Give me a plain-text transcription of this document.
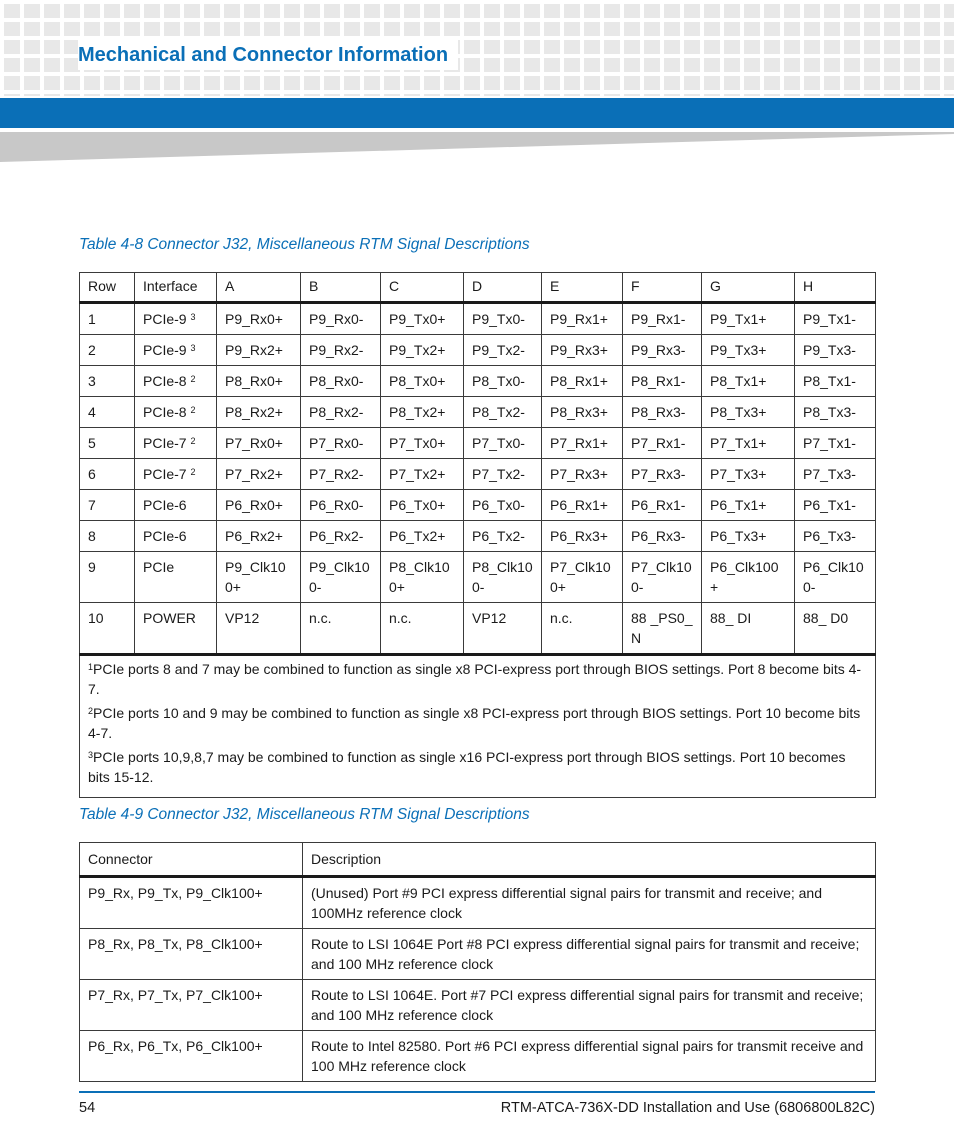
Mechanical and Connector Information
Table 4-8 Connector J32, Miscellaneous RTM Signal Descriptions
Row	Interface	A	B	C	D	E	F	G	H
1	PCIe-9 $^3$	P9_Rx0+	P9_Rx0-	P9_Tx0+	P9_Tx0-	P9_Rx1+	P9_Rx1-	P9_Tx1+	P9_Tx1-
2	PCIe-9 $^3$	P9_Rx2+	P9_Rx2-	P9_Tx2+	P9_Tx2-	P9_Rx3+	P9_Rx3-	P9_Tx3+	P9_Tx3-
3	PCIe-8 $^2$	P8_Rx0+	P8_Rx0-	P8_Tx0+	P8_Tx0-	P8_Rx1+	P8_Rx1-	P8_Tx1+	P8_Tx1-
4	PCIe-8 $^2$	P8_Rx2+	P8_Rx2-	P8_Tx2+	P8_Tx2-	P8_Rx3+	P8_Rx3-	P8_Tx3+	P8_Tx3-
5	PCIe-7 $^2$	P7_Rx0+	P7_Rx0-	P7_Tx0+	P7_Tx0-	P7_Rx1+	P7_Rx1-	P7_Tx1+	P7_Tx1-
6	PCIe-7 $^2$	P7_Rx2+	P7_Rx2-	P7_Tx2+	P7_Tx2-	P7_Rx3+	P7_Rx3-	P7_Tx3+	P7_Tx3-
7	PCIe-6	P6_Rx0+	P6_Rx0-	P6_Tx0+	P6_Tx0-	P6_Rx1+	P6_Rx1-	P6_Tx1+	P6_Tx1-
8	PCIe-6	P6_Rx2+	P6_Rx2-	P6_Tx2+	P6_Tx2-	P6_Rx3+	P6_Rx3-	P6_Tx3+	P6_Tx3-
9	PCIe	P9_Clk100+	P9_Clk100-	P8_Clk100+	P8_Clk100-	P7_Clk100+	P7_Clk100-	P6_Clk100+	P6_Clk100-
10	POWER	VP12	n.c.	n.c.	VP12	n.c.	88 _PS0_N	88_ DI	88_ D0

$^1$PCIe ports 8 and 7 may be combined to function as single x8 PCI-express port through BIOS settings. Port 8 become bits 4-7.
$^2$PCIe ports 10 and 9 may be combined to function as single x8 PCI-express port through BIOS settings. Port 10 become bits 4-7.
$^3$PCIe ports 10,9,8,7 may be combined to function as single x16 PCI-express port through BIOS settings. Port 10 becomes bits 15-12.									
Table 4-9 Connector J32, Miscellaneous RTM Signal Descriptions
Connector	Description
P9_Rx, P9_Tx, P9_Clk100+	(Unused) Port #9 PCI express differential signal pairs for transmit and receive; and 100MHz reference clock
P8_Rx, P8_Tx, P8_Clk100+	Route to LSI 1064E Port #8 PCI express differential signal pairs for transmit and receive; and 100 MHz reference clock
P7_Rx, P7_Tx, P7_Clk100+	Route to LSI 1064E. Port #7 PCI express differential signal pairs for transmit and receive; and 100 MHz reference clock
P6_Rx, P6_Tx, P6_Clk100+	Route to Intel 82580. Port #6 PCI express differential signal pairs for transmit receive and 100 MHz reference clock
54	RTM-ATCA-736X-DD Installation and Use (6806800L82C)
